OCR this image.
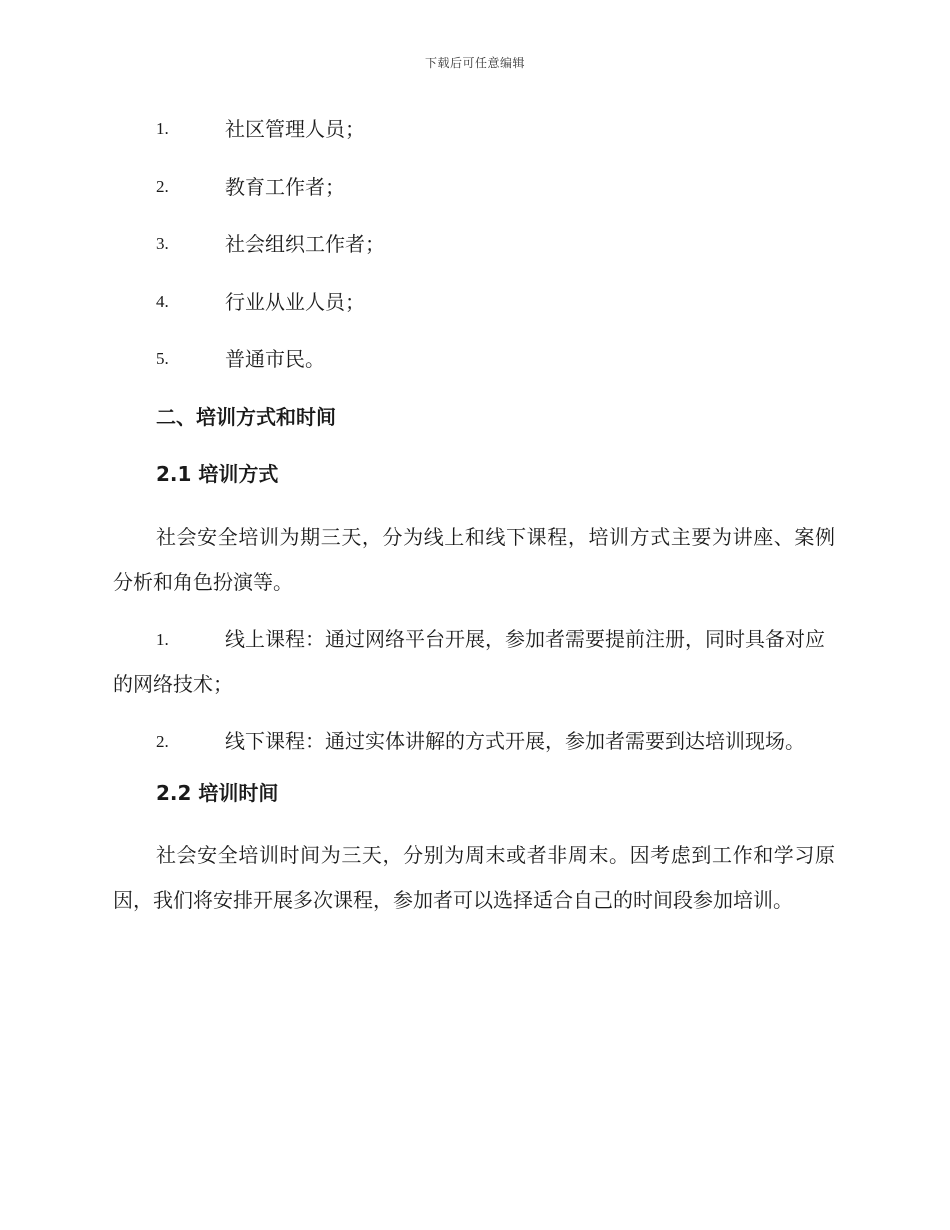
下载后可任意编辑
1.	社区管理人员；
2.	教育工作者；
3.	社会组织工作者；
4.	行业从业人员；
5.	普通市民。
二、培训方式和时间
2.1 培训方式
社会安全培训为期三天，分为线上和线下课程，培训方式主要为讲座、案例分析和角色扮演等。
1.	线上课程：通过网络平台开展，参加者需要提前注册，同时具备对应的网络技术；
2.	线下课程：通过实体讲解的方式开展，参加者需要到达培训现场。
2.2 培训时间
社会安全培训时间为三天，分别为周末或者非周末。因考虑到工作和学习原因，我们将安排开展多次课程，参加者可以选择适合自己的时间段参加培训。
